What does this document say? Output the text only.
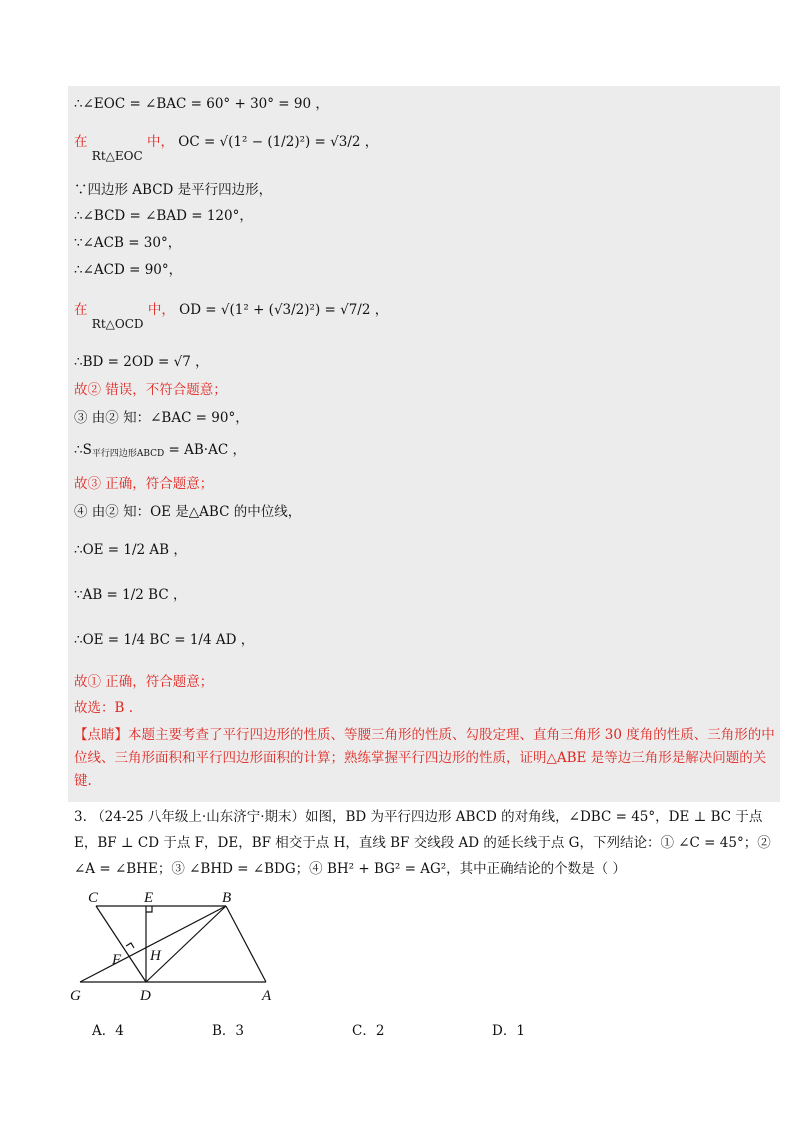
∴∠EOC = ∠BAC = 60° + 30° = 90 ，
在 Rt△EOC 中， OC = √(1² − (1/2)²) = √3/2 ，
∵四边形 ABCD 是平行四边形，
∴∠BCD = ∠BAD = 120°，
∵∠ACB = 30°，
∴∠ACD = 90°，
在 Rt△OCD 中， OD = √(1² + (√3/2)²) = √7/2 ，
∴BD = 2OD = √7 ，
故② 错误，不符合题意；
③ 由② 知：∠BAC = 90°，
$\therefore S_{平行四边形ABCD} = AB\cdot AC$ ，
故③ 正确，符合题意；
④ 由② 知：OE 是△ABC 的中位线，
∴OE = 1/2 AB ，
∵AB = 1/2 BC ，
∴OE = 1/4 BC = 1/4 AD ，
故① 正确，符合题意；
故选：B .
【点睛】本题主要考查了平行四边形的性质、等腰三角形的性质、勾股定理、直角三角形 30 度角的性质、三角形的中位线、三角形面积和平行四边形面积的计算；熟练掌握平行四边形的性质，证明△ABE 是等边三角形是解决问题的关键.
3. （24-25 八年级上·山东济宁·期末）如图，BD 为平行四边形 ABCD 的对角线，∠DBC = 45°，DE ⊥ BC 于点 E，BF ⊥ CD 于点 F，DE，BF 相交于点 H，直线 BF 交线段 AD 的延长线于点 G，下列结论：① ∠C = 45°；② ∠A = ∠BHE；③ ∠BHD = ∠BDG；④ BH² + BG² = AG²，其中正确结论的个数是（ ）
C	E	B
F H
G	D	A
A．4	B．3	C．2	D．1
